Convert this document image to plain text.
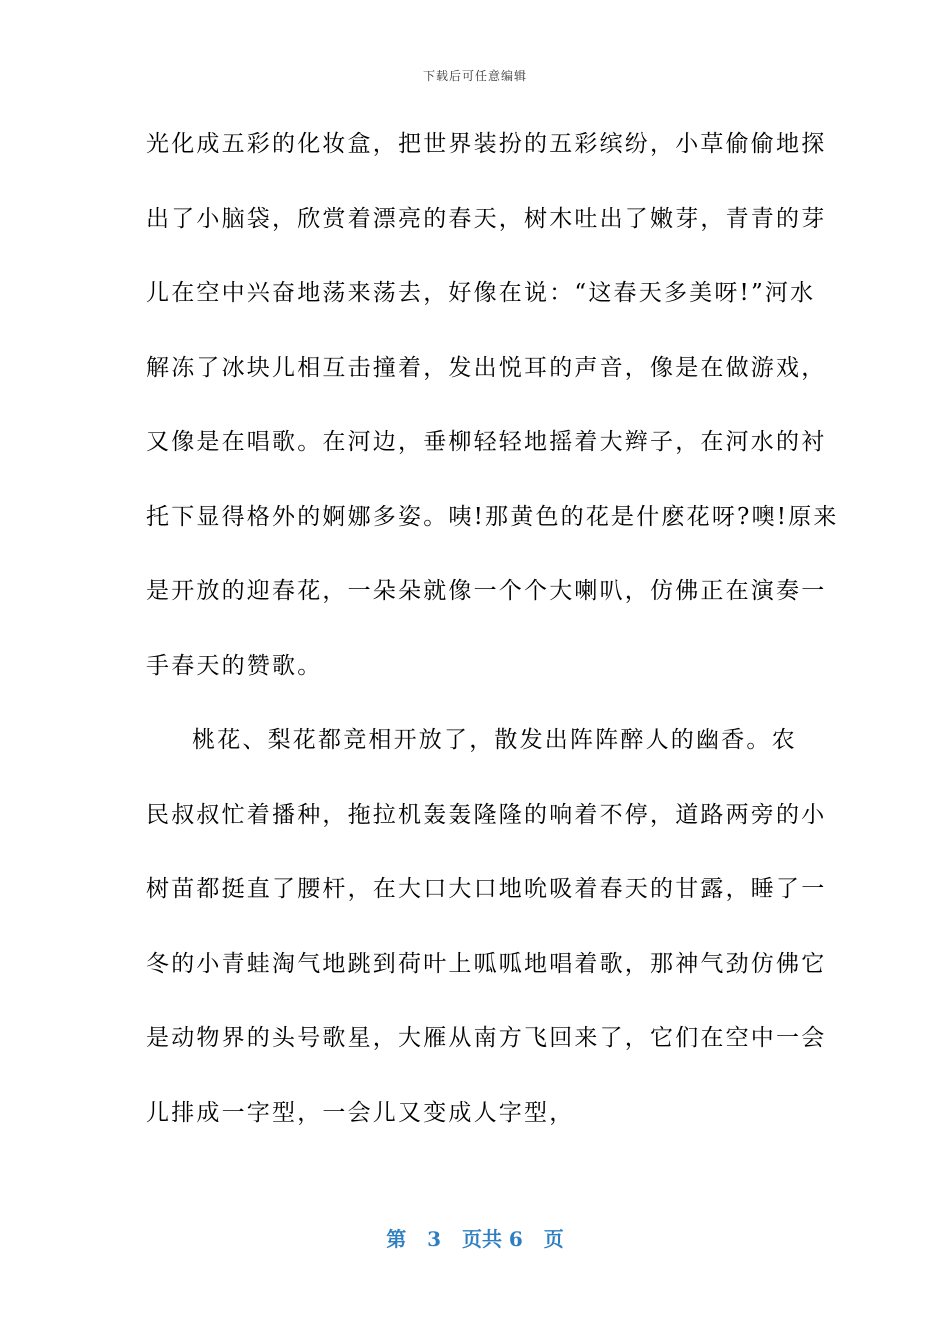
下载后可任意编辑
光化成五彩的化妆盒，把世界装扮的五彩缤纷，小草偷偷地探
出了小脑袋，欣赏着漂亮的春天，树木吐出了嫩芽，青青的芽
儿在空中兴奋地荡来荡去，好像在说：“这春天多美呀!”河水
解冻了冰块儿相互击撞着，发出悦耳的声音，像是在做游戏，
又像是在唱歌。在河边，垂柳轻轻地摇着大辫子，在河水的衬
托下显得格外的婀娜多姿。咦!那黄色的花是什麽花呀?噢!原来
是开放的迎春花，一朵朵就像一个个大喇叭，仿佛正在演奏一
手春天的赞歌。
桃花、梨花都竞相开放了，散发出阵阵醉人的幽香。农
民叔叔忙着播种，拖拉机轰轰隆隆的响着不停，道路两旁的小
树苗都挺直了腰杆，在大口大口地吮吸着春天的甘露，睡了一
冬的小青蛙淘气地跳到荷叶上呱呱地唱着歌，那神气劲仿佛它
是动物界的头号歌星，大雁从南方飞回来了，它们在空中一会
儿排成一字型，一会儿又变成人字型，
第 3 页共 6 页
